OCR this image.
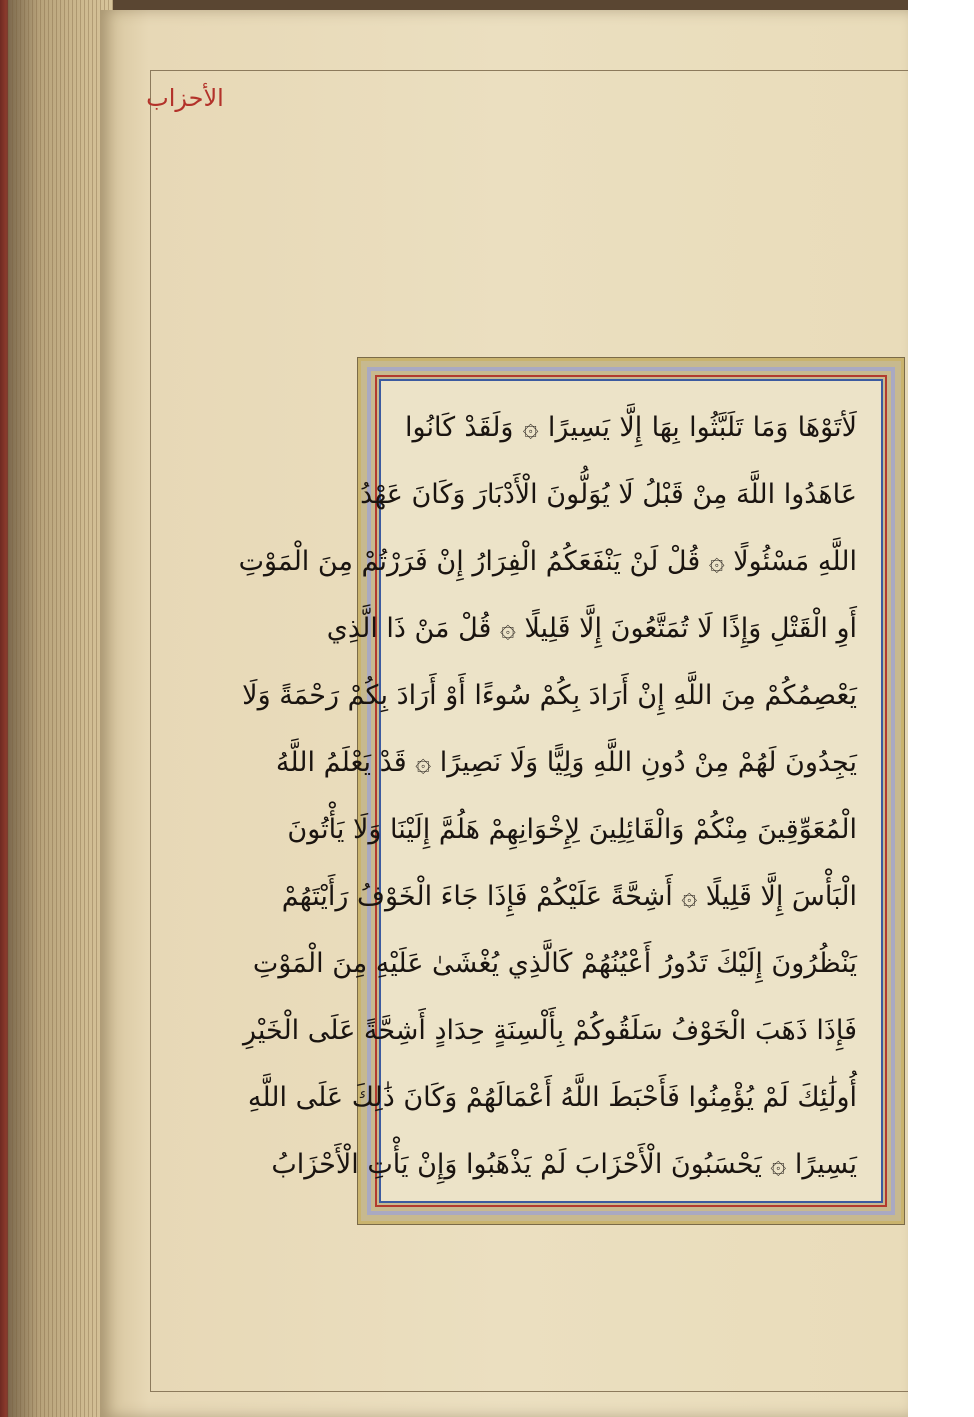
الأحزاب
لَأتَوْهَا وَمَا تَلَبَّثُوا بِهَا إِلَّا يَسِيرًا ۞ وَلَقَدْ كَانُوا
عَاهَدُوا اللَّهَ مِنْ قَبْلُ لَا يُوَلُّونَ الْأَدْبَارَ وَكَانَ عَهْدُ
اللَّهِ مَسْئُولًا ۞ قُلْ لَنْ يَنْفَعَكُمُ الْفِرَارُ إِنْ فَرَرْتُمْ مِنَ الْمَوْتِ
أَوِ الْقَتْلِ وَإِذًا لَا تُمَتَّعُونَ إِلَّا قَلِيلًا ۞ قُلْ مَنْ ذَا الَّذِي
يَعْصِمُكُمْ مِنَ اللَّهِ إِنْ أَرَادَ بِكُمْ سُوءًا أَوْ أَرَادَ بِكُمْ رَحْمَةً وَلَا
يَجِدُونَ لَهُمْ مِنْ دُونِ اللَّهِ وَلِيًّا وَلَا نَصِيرًا ۞ قَدْ يَعْلَمُ اللَّهُ
الْمُعَوِّقِينَ مِنْكُمْ وَالْقَائِلِينَ لِإِخْوَانِهِمْ هَلُمَّ إِلَيْنَا وَلَا يَأْتُونَ
الْبَأْسَ إِلَّا قَلِيلًا ۞ أَشِحَّةً عَلَيْكُمْ فَإِذَا جَاءَ الْخَوْفُ رَأَيْتَهُمْ
يَنْظُرُونَ إِلَيْكَ تَدُورُ أَعْيُنُهُمْ كَالَّذِي يُغْشَىٰ عَلَيْهِ مِنَ الْمَوْتِ
فَإِذَا ذَهَبَ الْخَوْفُ سَلَقُوكُمْ بِأَلْسِنَةٍ حِدَادٍ أَشِحَّةً عَلَى الْخَيْرِ
أُولَٰئِكَ لَمْ يُؤْمِنُوا فَأَحْبَطَ اللَّهُ أَعْمَالَهُمْ وَكَانَ ذَٰلِكَ عَلَى اللَّهِ
يَسِيرًا ۞ يَحْسَبُونَ الْأَحْزَابَ لَمْ يَذْهَبُوا وَإِنْ يَأْتِ الْأَحْزَابُ
